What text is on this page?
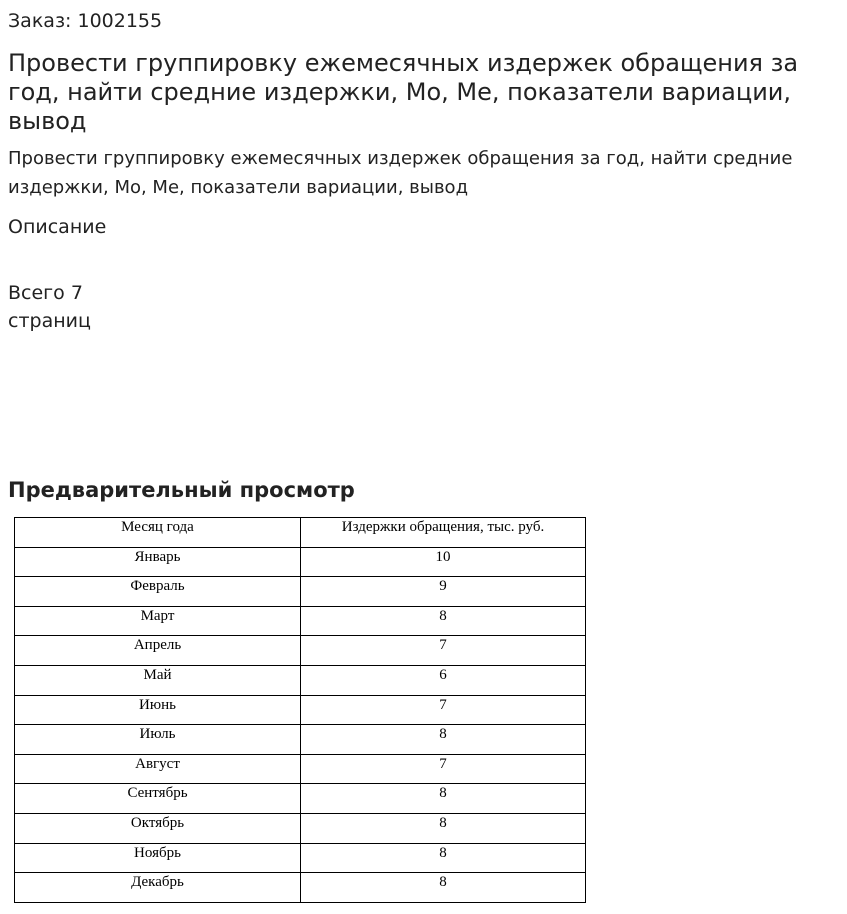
Заказ: 1002155
Провести группировку ежемесячных издержек обращения за год, найти средние издержки, Mo, Me, показатели вариации, вывод
Провести группировку ежемесячных издержек обращения за год, найти средние издержки, Mo, Me, показатели вариации, вывод
Описание
Всего 7
страниц
Предварительный просмотр
Месяц года	Издержки обращения, тыс. руб.
Январь	10
Февраль	9
Март	8
Апрель	7
Май	6
Июнь	7
Июль	8
Август	7
Сентябрь	8
Октябрь	8
Ноябрь	8
Декабрь	8
